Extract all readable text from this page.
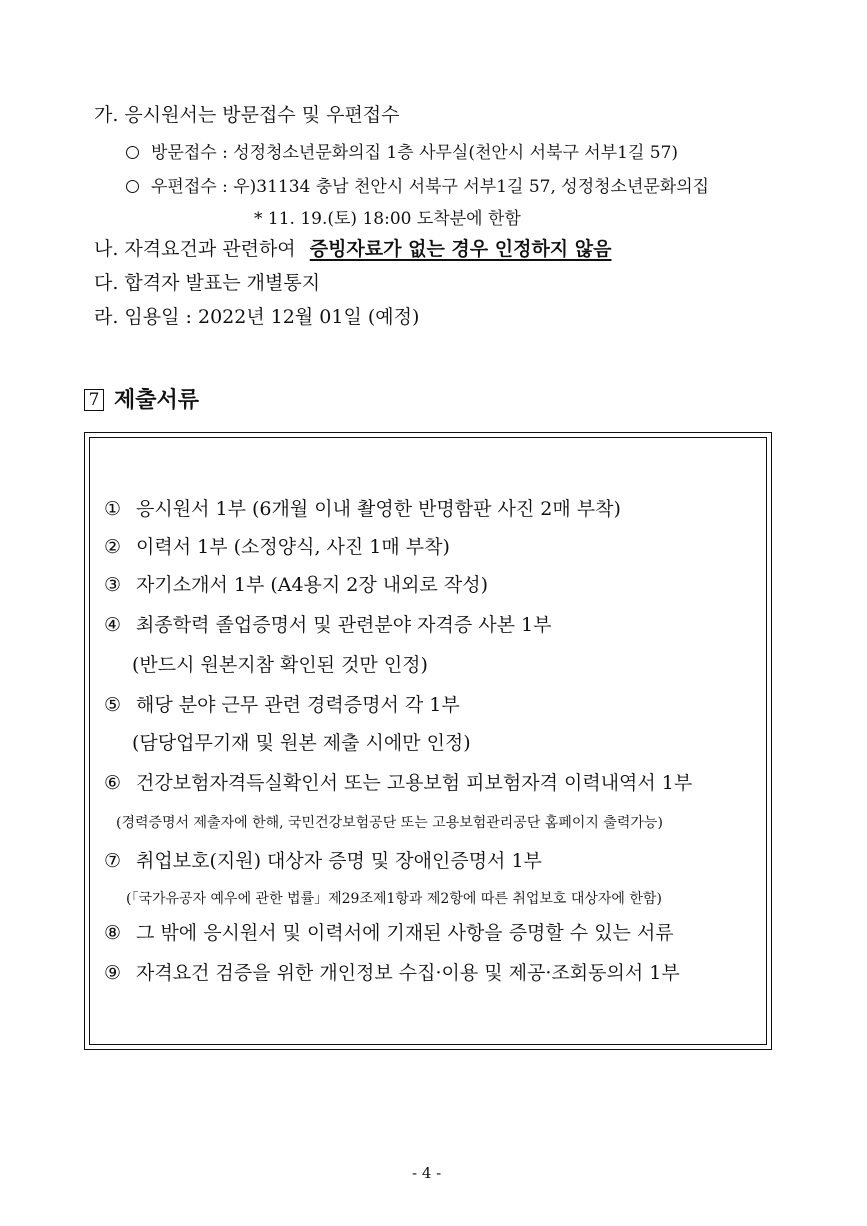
가. 응시원서는 방문접수 및 우편접수
방문접수 : 성정청소년문화의집 1층 사무실(천안시 서북구 서부1길 57)
우편접수 : 우)31134 충남 천안시 서북구 서부1길 57, 성정청소년문화의집
* 11. 19.(토) 18:00 도착분에 한함
나. 자격요건과 관련하여 증빙자료가 없는 경우 인정하지 않음
다. 합격자 발표는 개별통지
라. 임용일 : 2022년 12월 01일 (예정)
7 제출서류
① 응시원서 1부 (6개월 이내 촬영한 반명함판 사진 2매 부착)
② 이력서 1부 (소정양식, 사진 1매 부착)
③ 자기소개서 1부 (A4용지 2장 내외로 작성)
④ 최종학력 졸업증명서 및 관련분야 자격증 사본 1부
(반드시 원본지참 확인된 것만 인정)
⑤ 해당 분야 근무 관련 경력증명서 각 1부
(담당업무기재 및 원본 제출 시에만 인정)
⑥ 건강보험자격득실확인서 또는 고용보험 피보험자격 이력내역서 1부
(경력증명서 제출자에 한해, 국민건강보험공단 또는 고용보험관리공단 홈페이지 출력가능)
⑦ 취업보호(지원) 대상자 증명 및 장애인증명서 1부
(「국가유공자 예우에 관한 법률」제29조제1항과 제2항에 따른 취업보호 대상자에 한함)
⑧ 그 밖에 응시원서 및 이력서에 기재된 사항을 증명할 수 있는 서류
⑨ 자격요건 검증을 위한 개인정보 수집·이용 및 제공·조회동의서 1부
- 4 -
